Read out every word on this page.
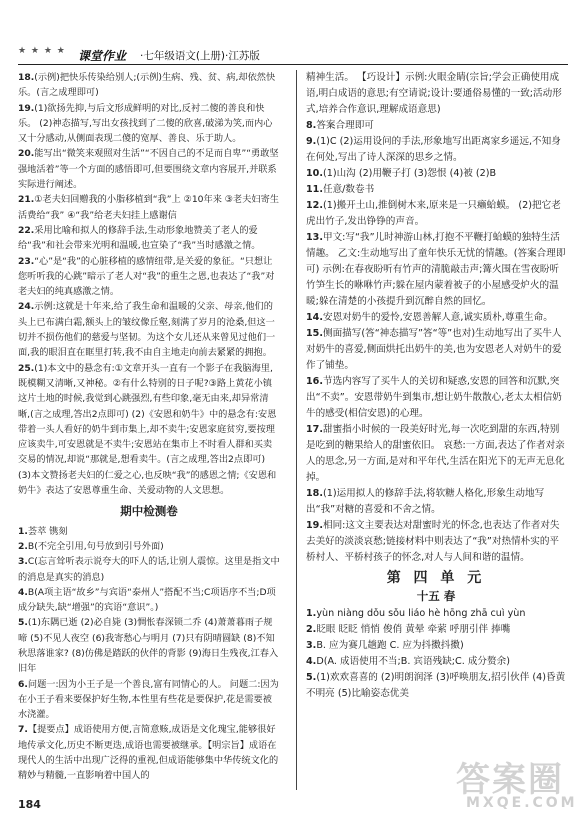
★ ★ ★ ★ 课堂作业 ·七年级语文(上册)·江苏版

18.(示例)把快乐传染给别人;(示例)生病、残、贫、病,却依然快乐。(言之成理即可)

19.(1)欲扬先抑,与后文形成鲜明的对比,反衬二傻的善良和快乐。 (2)神态描写,写出女孩找到了二傻的欣喜,破涕为笑,而内心又十分感动,从侧面表现二傻的宽厚、善良、乐于助人。

20.能写出“微笑来观照对生活”“不因自己的不足而自卑”“勇敢坚强地活着”等一个方面的感悟即可,但要围绕文章内容展开,并联系实际进行阐述。

21.①老夫妇回赠我的小脂移植到“我”上 ②10年来 ③老夫妇寄生活费给“我” ④“我”给老夫妇挂上感谢信

22.采用比喻和拟人的修辞手法,生动形象地赞美了老人的爱给“我”和社会带来光明和温暖,也宣染了“我”当时感激之情。

23.“心”是“我”的心脏移植的感情纽带,是关爱的象征。“只想让您听听我的心跳”暗示了老人对“我”的重生之恩,也表达了“我”对老夫妇的纯真感激之情。

24.示例:这就是十年来,给了我生命和温暖的父亲、母亲,他们的头上已布满白霜,额头上的皱纹像丘壑,刻满了岁月的沧桑,但这一切并不损伤他们的慈爱与坚韧。为这个女儿还从来曾见过他们一面,我的眼泪直在眶里打转,我不由自主地走向前去紧紧的拥抱。

25.(1)本文中的悬念有:①文章开头一直有一个影子在我脑海里,既模糊又清晰,又神秘。②有什么特别的日子呢?③路上黄花小镇这片土地的时候,我觉到心跳强烈,有些印象,毫无由来,却异常清晰,(言之成理,答出2点即可) (2)《安恩和奶牛》中的悬念有:安恩带着一头人看好的奶牛到市集上,却不卖牛;安恩家庭贫穷,要按理应该卖牛,可安恩就是不卖牛;安恩站在集市上不时看人群和买卖交易的情况,却说“那就是,想看卖牛。(言之成理,答出2点即可) (3)本文赞扬老夫妇的仁爱之心,也反映“我”的感恩之情;《安恩和奶牛》表达了安恩尊重生命、关爱动物的人文思想。

期中检测卷

1.荟萃 镌刻

2.B(不完全引用,句号放到引号外面)

3.C(忘言耸听表示说夸大的吓人的话,让别人震惊。这里是指文中的消息是真实的消息)

4.B(A项主语“故乡”与宾语“泰州人”搭配不当;C项语序不当;D项成分缺失,缺“增强”的宾语“意识”。)

5.(1)东隅已逝 (2)必自毙 (3)惆怅春深锁二乔 (4)萧萧暮雨子规啼 (5)不见人夜空 (6)我寄愁心与明月 (7)只有阴晴圆缺 (8)不知秋思落谁家? (8)仿佛是踏跃的伙伴的背影 (9)海日生残夜,江春入旧年

6.问题一:因为小王子是一个善良,富有同情心的人。 问题二:因为在小王子看来要保护好生物,本性里有些花是要保护,花是需要被水浇灌。

7.【提要点】成语使用方便,言简意赅,成语是文化瑰宝,能够很好地传承文化,历史不断更迭,成语也需要被继承。【明宗旨】成语在现代人的生活中出现广泛得的重视,但成语能够集中华传统文化的精妙与精髓,一直影响着中国人的

精神生活。 【巧设计】示例:火眼金睛(宗旨;学会正确使用成语,明白成语的意思;有空请说;设计:要通俗易懂的一致;活动形式,培养合作意识,理解成语意思)

8.答案合理即可

9.(1)C (2)运用设问的手法,形象地写出距离家乡遥远,不知身在何处,写出了诗人深深的思乡之情。

10.(1)山沟 (2)用鞭子打 (3)怨恨 (4)被 (2)B

11.任意/数卷书

12.(1)搬开土山,推倒树木来,原来是一只癞蛤蟆。 (2)把它老虎出竹子,发出铮铮的声音。

13.甲文:写“我”儿时神游山林,打抱不平鞭打蛤蟆的独特生活情趣。 乙文:生动地写出了童年快乐无忧的情趣。(答案合理即可) 示例:在春夜盼听有竹声的清脆敲击声;篝火围在雪夜盼听竹笋生长的咻咻竹声;躲在屋内蒙着被子的小屋感受炉火的温暖;躲在清楚的小孩提升到沉醉自然的回忆。

14.安恩对奶牛的爱怜,安恩善解人意,诚实质朴,尊重生命。

15.侧面描写(答“神态描写”答“等”也对)生动地写出了买牛人对奶牛的喜爱,侧面烘托出奶牛的美,也为安恩老人对奶牛的爱作了铺垫。

16.节选内容写了买牛人的关切和疑惑,安恩的回答和沉默,突出“不卖”。安恩带奶牛到集市,想让奶牛散散心,老太太相信奶牛的感受(相信安恩)的心理。

17.甜蜜指小时候的一段美好时光,每一次吃到甜的东西,特别是吃到的糖果给人的甜蜜依旧。 哀愁:一方面,表达了作者对亲人的思念,另一方面,是对和平年代,生活在阳光下的无声无息化掉。

18.(1)运用拟人的修辞手法,将软糖人格化,形象生动地写出“我”对糖的喜爱和不舍之情。

19.相同:这文主要表达对甜蜜时光的怀念,也表达了作者对失去美好的淡淡哀愁;链接材料中则表达了“我”对热情朴实的平桥村人、平桥村孩子的怀念,对人与人间和谐的温情。

第 四 单 元
十五 春

1.yùn niàng dǒu sǒu liáo hè hōng zhā cuì yùn

2.眨眼 眨眨 悄悄 俊俏 黄晕 牵萦 呼朋引伴 捧嘴

3.B. 应为赛几趟跑 C. 应为抖擞抖擞)

4.D(A. 成语使用不当;B. 宾语残缺;C. 成分赘余)

5.(1)欢欢喜喜的 (2)明朗润泽 (3)呼唤朋友,招引伙伴 (4)昏黄不明亮 (5)比喻姿态优美

184
答案圈
MXQE.COM
